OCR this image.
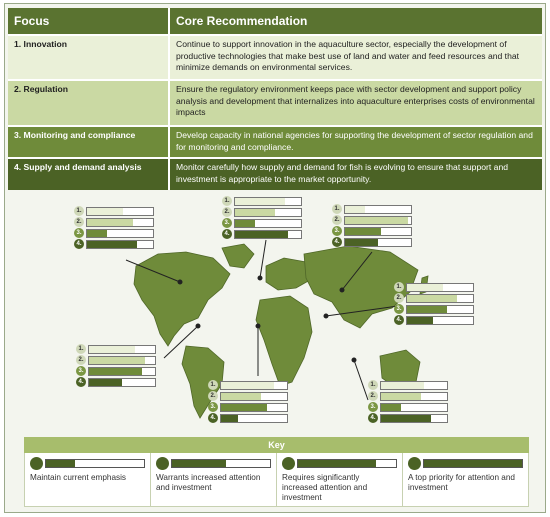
Focus	Core Recommendation
1. Innovation	Continue to support innovation in the aquaculture sector, especially the development of productive technologies that make best use of land and water and feed resources and that minimize demands on environmental services.
2. Regulation	Ensure the regulatory environment keeps pace with sector development and support policy analysis and development that internalizes into aquaculture enterprises costs of environmental impacts
3. Monitoring and compliance	Develop capacity in national agencies for supporting the development of sector regulation and for monitoring and compliance.
4. Supply and demand analysis	Monitor carefully how supply and demand for fish is evolving to ensure that support and investment is appropriate to the market opportunity.
1.
2.
3.
4.
1.
2.
3.
4.
1.
2.
3.
4.
1.
2.
3.
4.
1.
2.
3.
4.	1.
2.
3.
4.
1.
2.
3.
4.
Key
Maintain current emphasis	Warrants increased attention and investment
Requires significantly increased attention and investment
A top priority for attention and investment
